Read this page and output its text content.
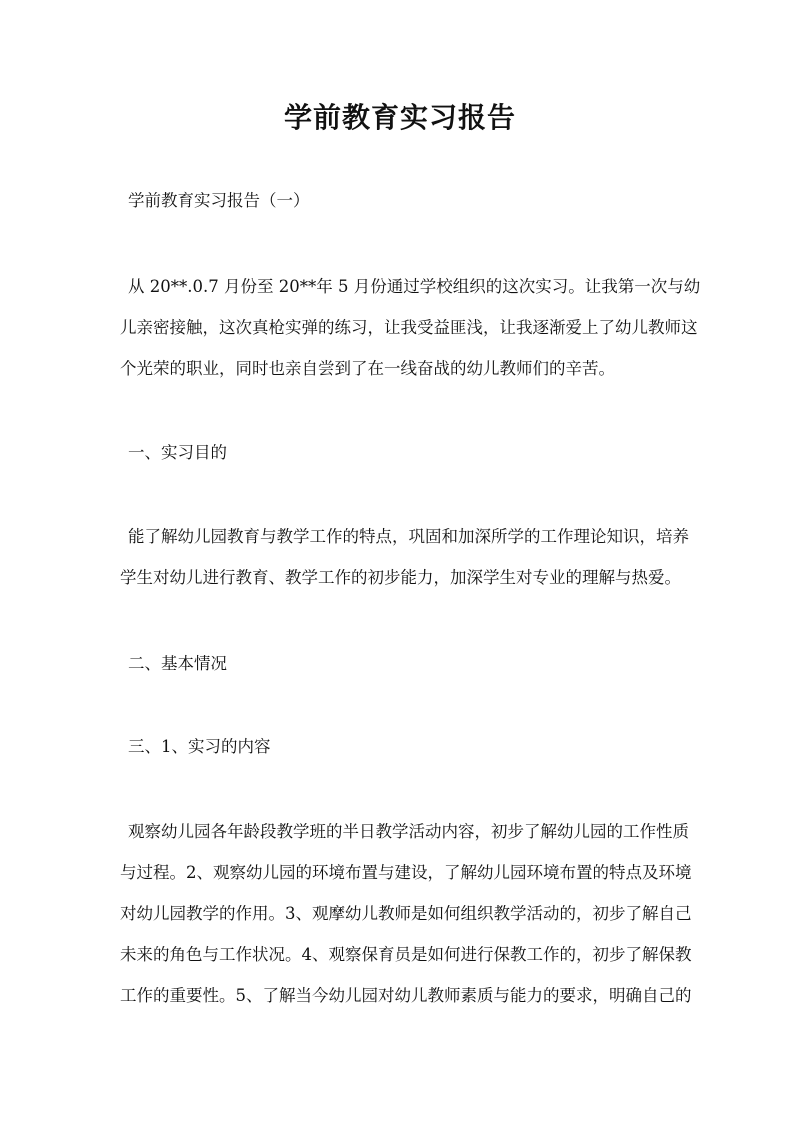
学前教育实习报告
学前教育实习报告（一）
从 20**.0.7 月份至 20**年 5 月份通过学校组织的这次实习。让我第一次与幼
儿亲密接触，这次真枪实弹的练习，让我受益匪浅，让我逐渐爱上了幼儿教师这
个光荣的职业，同时也亲自尝到了在一线奋战的幼儿教师们的辛苦。
一、实习目的
能了解幼儿园教育与教学工作的特点，巩固和加深所学的工作理论知识，培养
学生对幼儿进行教育、教学工作的初步能力，加深学生对专业的理解与热爱。
二、基本情况
三、1、实习的内容
观察幼儿园各年龄段教学班的半日教学活动内容，初步了解幼儿园的工作性质
与过程。2、观察幼儿园的环境布置与建设，了解幼儿园环境布置的特点及环境
对幼儿园教学的作用。3、观摩幼儿教师是如何组织教学活动的，初步了解自己
未来的角色与工作状况。4、观察保育员是如何进行保教工作的，初步了解保教
工作的重要性。5、了解当今幼儿园对幼儿教师素质与能力的要求，明确自己的
